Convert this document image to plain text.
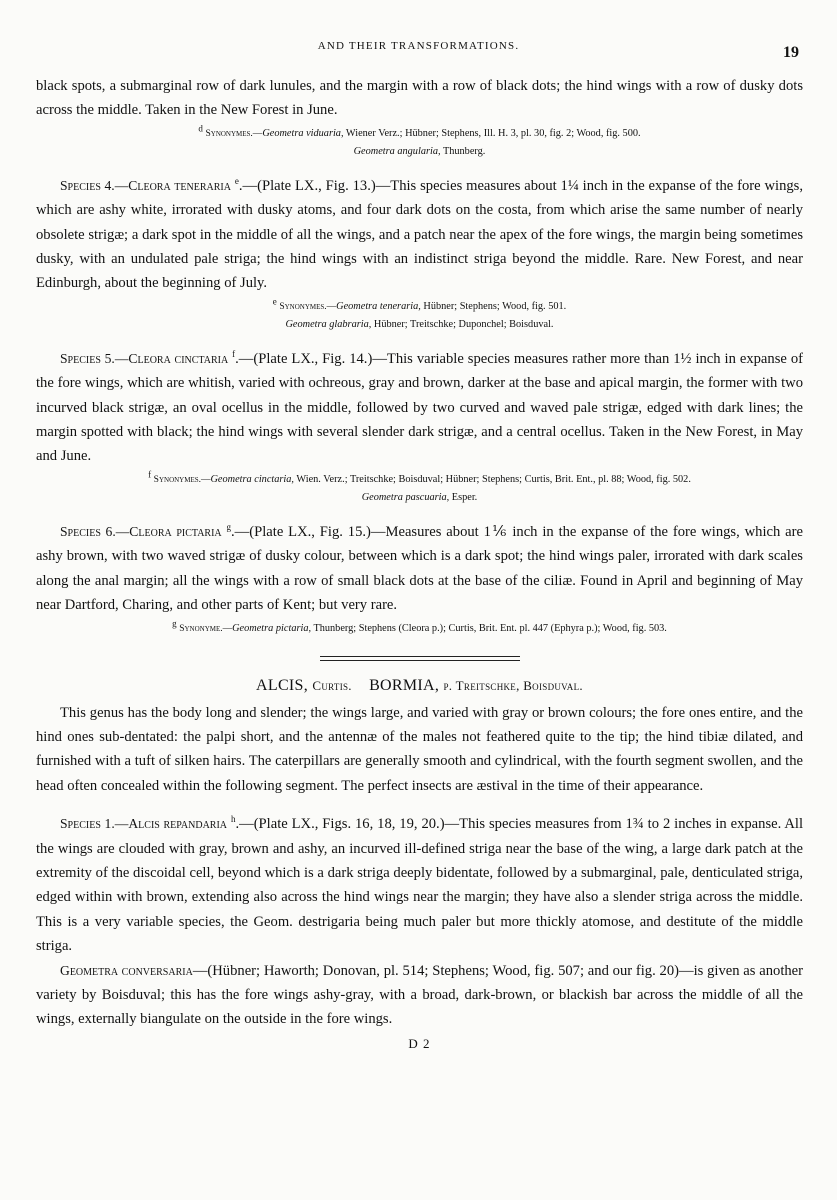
AND THEIR TRANSFORMATIONS.	19

black spots, a submarginal row of dark lunules, and the margin with a row of black dots; the hind wings with a row of dusky dots across the middle. Taken in the New Forest in June.

$^d$ Synonymes.—Geometra viduaria, Wiener Verz.; Hübner; Stephens, Ill. H. 3, pl. 30, fig. 2; Wood, fig. 500.
Geometra angularia, Thunberg.

Species 4.—Cleora teneraria $^e$.—(Plate LX., Fig. 13.)—This species measures about 1¼ inch in the expanse of the fore wings, which are ashy white, irrorated with dusky atoms, and four dark dots on the costa, from which arise the same number of nearly obsolete strigæ; a dark spot in the middle of all the wings, and a patch near the apex of the fore wings, the margin being sometimes dusky, with an undulated pale striga; the hind wings with an indistinct striga beyond the middle. Rare. New Forest, and near Edinburgh, about the beginning of July.

$^e$ Synonymes.—Geometra teneraria, Hübner; Stephens; Wood, fig. 501.
Geometra glabraria, Hübner; Treitschke; Duponchel; Boisduval.

Species 5.—Cleora cinctaria $^f$.—(Plate LX., Fig. 14.)—This variable species measures rather more than 1½ inch in expanse of the fore wings, which are whitish, varied with ochreous, gray and brown, darker at the base and apical margin, the former with two incurved black strigæ, an oval ocellus in the middle, followed by two curved and waved pale strigæ, edged with dark lines; the margin spotted with black; the hind wings with several slender dark strigæ, and a central ocellus. Taken in the New Forest, in May and June.

$^f$ Synonymes.—Geometra cinctaria, Wien. Verz.; Treitschke; Boisduval; Hübner; Stephens; Curtis, Brit. Ent., pl. 88; Wood, fig. 502.
Geometra pascuaria, Esper.

Species 6.—Cleora pictaria $^g$.—(Plate LX., Fig. 15.)—Measures about 1⅙ inch in the expanse of the fore wings, which are ashy brown, with two waved strigæ of dusky colour, between which is a dark spot; the hind wings paler, irrorated with dark scales along the anal margin; all the wings with a row of small black dots at the base of the ciliæ. Found in April and beginning of May near Dartford, Charing, and other parts of Kent; but very rare.

$^g$ Synonyme.—Geometra pictaria, Thunberg; Stephens (Cleora p.); Curtis, Brit. Ent. pl. 447 (Ephyra p.); Wood, fig. 503.
ALCIS, Curtis. BORMIA, p. Treitschke, Boisduval.

This genus has the body long and slender; the wings large, and varied with gray or brown colours; the fore ones entire, and the hind ones sub-dentated: the palpi short, and the antennæ of the males not feathered quite to the tip; the hind tibiæ dilated, and furnished with a tuft of silken hairs. The caterpillars are generally smooth and cylindrical, with the fourth segment swollen, and the head often concealed within the following segment. The perfect insects are æstival in the time of their appearance.

Species 1.—Alcis repandaria $^h$.—(Plate LX., Figs. 16, 18, 19, 20.)—This species measures from 1¾ to 2 inches in expanse. All the wings are clouded with gray, brown and ashy, an incurved ill-defined striga near the base of the wing, a large dark patch at the extremity of the discoidal cell, beyond which is a dark striga deeply bidentate, followed by a submarginal, pale, denticulated striga, edged within with brown, extending also across the hind wings near the margin; they have also a slender striga across the middle. This is a very variable species, the Geom. destrigaria being much paler but more thickly atomose, and destitute of the middle striga.

Geometra conversaria—(Hübner; Haworth; Donovan, pl. 514; Stephens; Wood, fig. 507; and our fig. 20)—is given as another variety by Boisduval; this has the fore wings ashy-gray, with a broad, dark-brown, or blackish bar across the middle of all the wings, externally biangulate on the outside in the fore wings.

D 2
